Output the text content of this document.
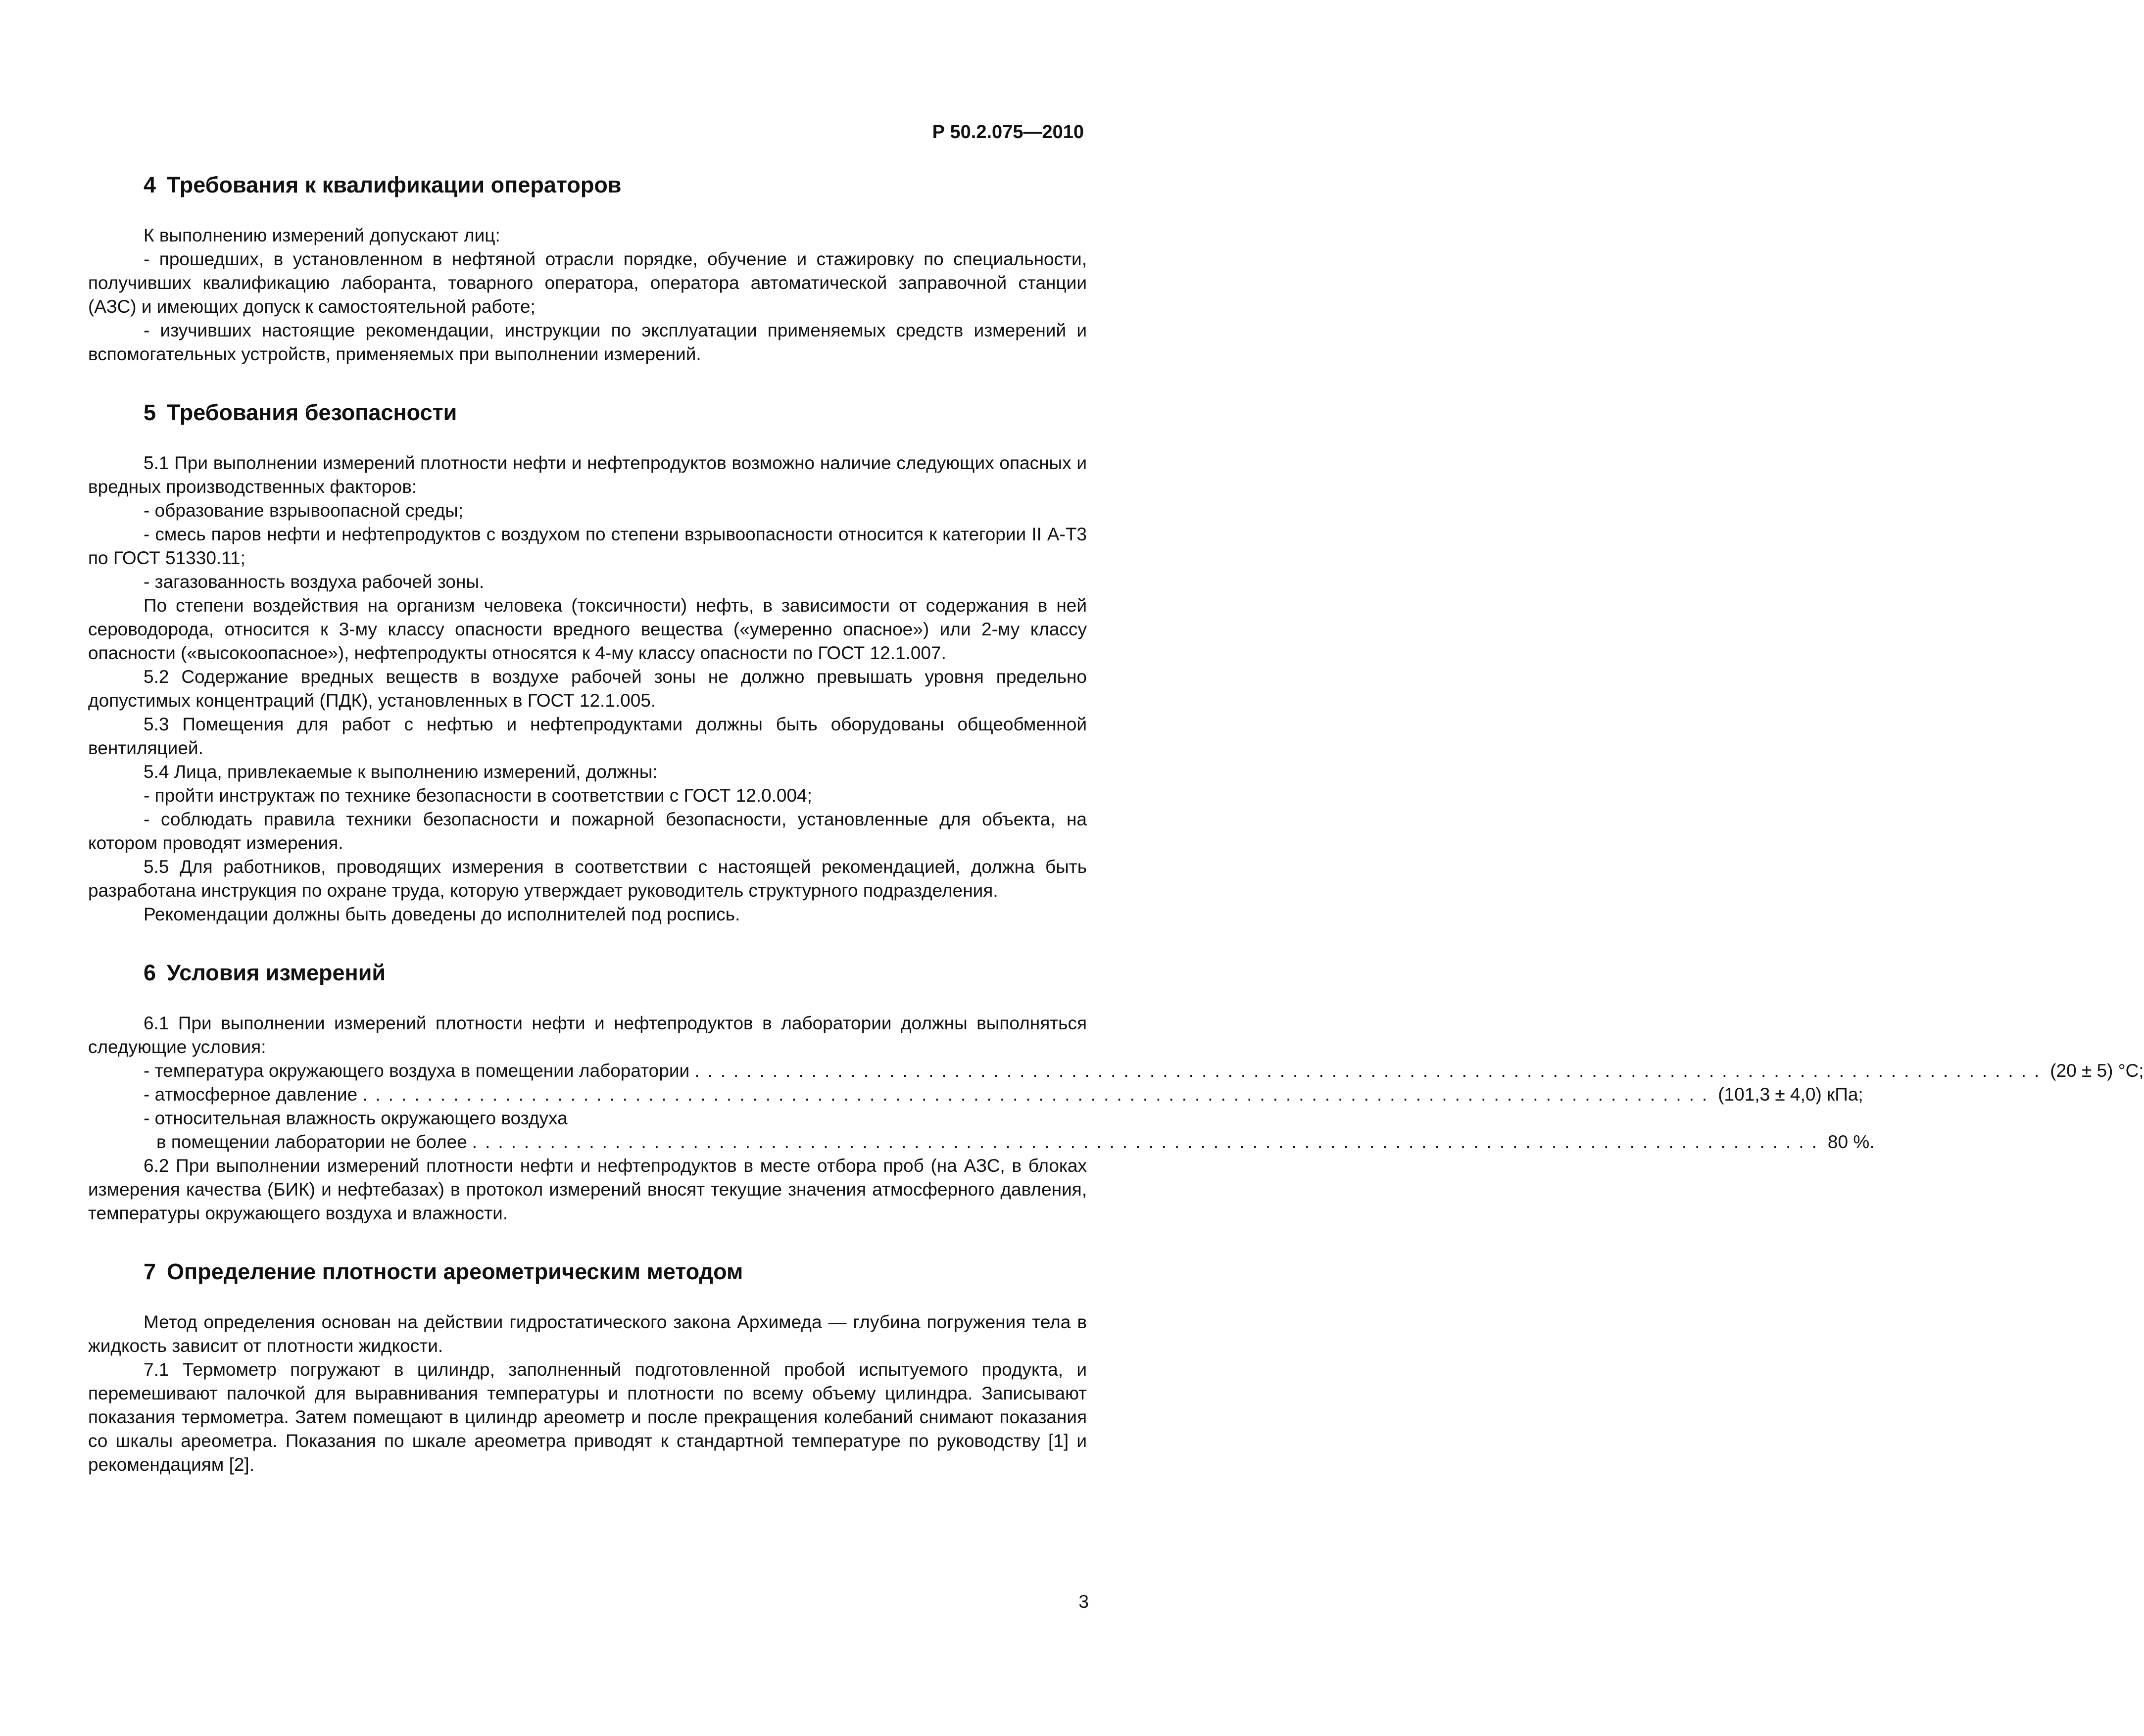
Р 50.2.075—2010

4 Требования к квалификации операторов

К выполнению измерений допускают лиц:

- прошедших, в установленном в нефтяной отрасли порядке, обучение и стажировку по специальности, получивших квалификацию лаборанта, товарного оператора, оператора автоматической заправочной станции (АЗС) и имеющих допуск к самостоятельной работе;

- изучивших настоящие рекомендации, инструкции по эксплуатации применяемых средств измерений и вспомогательных устройств, применяемых при выполнении измерений.

5 Требования безопасности

5.1 При выполнении измерений плотности нефти и нефтепродуктов возможно наличие следующих опасных и вредных производственных факторов:

- образование взрывоопасной среды;

- смесь паров нефти и нефтепродуктов с воздухом по степени взрывоопасности относится к категории II А-Т3 по ГОСТ 51330.11;

- загазованность воздуха рабочей зоны.

По степени воздействия на организм человека (токсичности) нефть, в зависимости от содержания в ней сероводорода, относится к 3-му классу опасности вредного вещества («умеренно опасное») или 2-му классу опасности («высокоопасное»), нефтепродукты относятся к 4-му классу опасности по ГОСТ 12.1.007.

5.2 Содержание вредных веществ в воздухе рабочей зоны не должно превышать уровня предельно допустимых концентраций (ПДК), установленных в ГОСТ 12.1.005.

5.3 Помещения для работ с нефтью и нефтепродуктами должны быть оборудованы общеобменной вентиляцией.

5.4 Лица, привлекаемые к выполнению измерений, должны:

- пройти инструктаж по технике безопасности в соответствии с ГОСТ 12.0.004;

- соблюдать правила техники безопасности и пожарной безопасности, установленные для объекта, на котором проводят измерения.

5.5 Для работников, проводящих измерения в соответствии с настоящей рекомендацией, должна быть разработана инструкция по охране труда, которую утверждает руководитель структурного подразделения.

Рекомендации должны быть доведены до исполнителей под роспись.

6 Условия измерений

6.1 При выполнении измерений плотности нефти и нефтепродуктов в лаборатории должны выполняться следующие условия:

- температура окружающего воздуха в помещении лаборатории ........................................................................................................ (20 ± 5) °С;
- атмосферное давление ........................................................................................................ (101,3 ± 4,0) кПа;
- относительная влажность окружающего воздуха
в помещении лаборатории не более ........................................................................................................ 80 %.

6.2 При выполнении измерений плотности нефти и нефтепродуктов в месте отбора проб (на АЗС, в блоках измерения качества (БИК) и нефтебазах) в протокол измерений вносят текущие значения атмосферного давления, температуры окружающего воздуха и влажности.

7 Определение плотности ареометрическим методом

Метод определения основан на действии гидростатического закона Архимеда — глубина погружения тела в жидкость зависит от плотности жидкости.

7.1 Термометр погружают в цилиндр, заполненный подготовленной пробой испытуемого продукта, и перемешивают палочкой для выравнивания температуры и плотности по всему объему цилиндра. Записывают показания термометра. Затем помещают в цилиндр ареометр и после прекращения колебаний снимают показания со шкалы ареометра. Показания по шкале ареометра приводят к стандартной температуре по руководству [1] и рекомендациям [2].

3
